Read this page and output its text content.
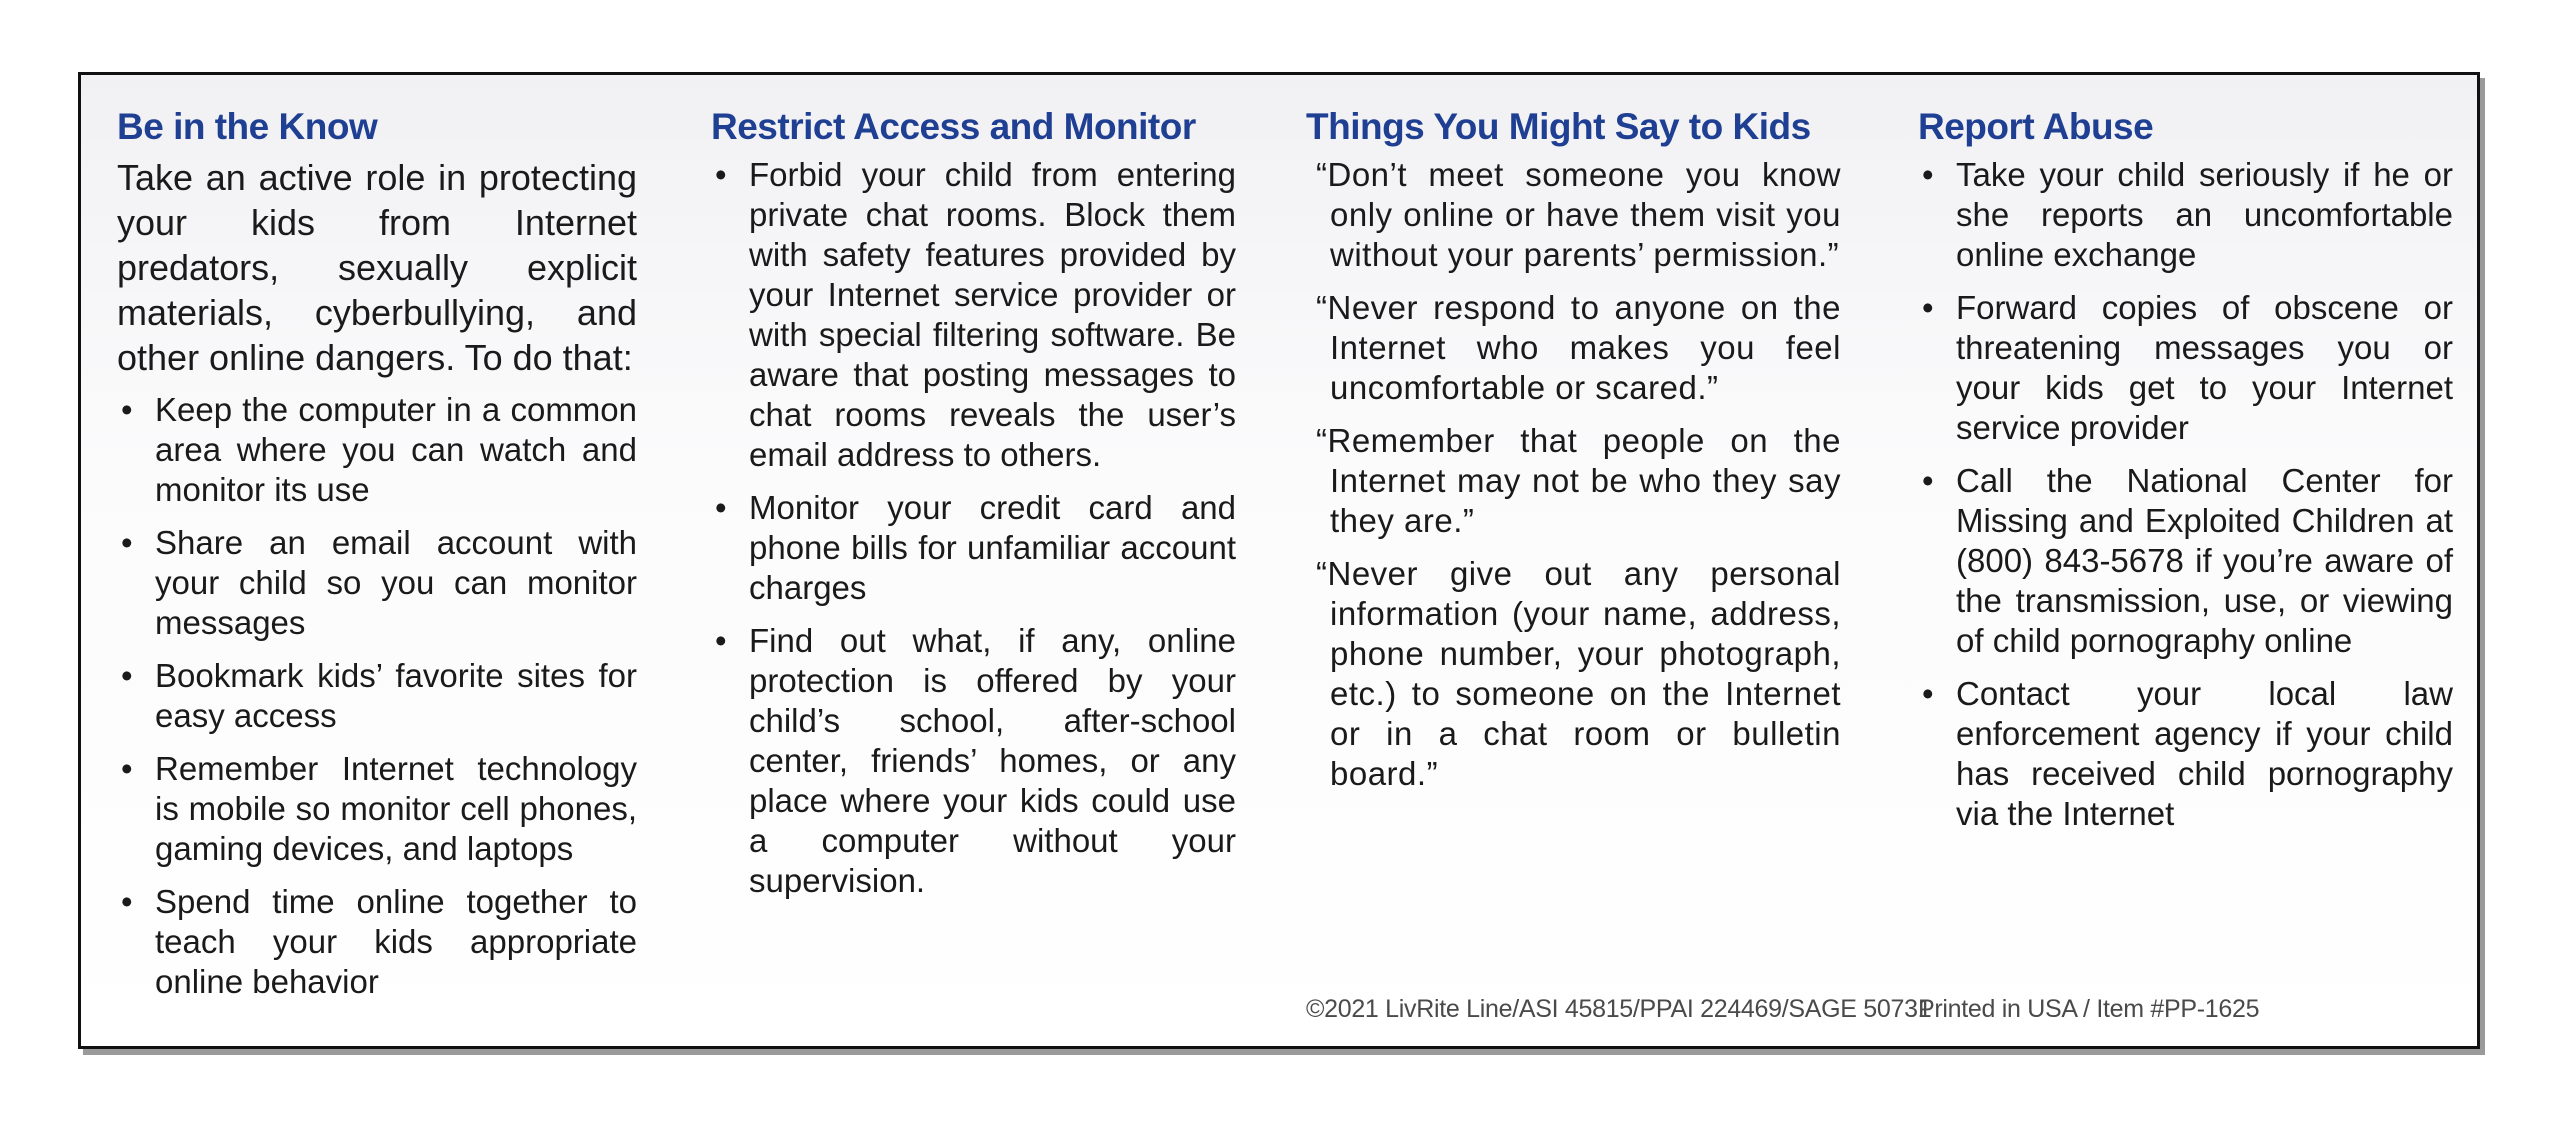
Be in the Know
Take an active role in protecting your kids from Internet predators, sexually explicit materials, cyberbullying, and other online dangers. To do that:
• Keep the computer in a common area where you can watch and monitor its use
• Share an email account with your child so you can monitor messages
• Bookmark kids’ favorite sites for easy access
• Remember Internet technology is mobile so monitor cell phones, gaming devices, and laptops
• Spend time online together to teach your kids appropriate online behavior
Restrict Access and Monitor
• Forbid your child from entering private chat rooms. Block them with safety features provided by your Internet service provider or with special filtering software. Be aware that posting messages to chat rooms reveals the user’s email address to others.
• Monitor your credit card and phone bills for unfamiliar account charges
• Find out what, if any, online protection is offered by your child’s school, after-school center, friends’ homes, or any place where your kids could use a computer without your supervision.
Things You Might Say to Kids
“Don’t meet someone you know only online or have them visit you without your parents’ permission.”
“Never respond to anyone on the Internet who makes you feel uncomfortable or scared.”
“Remember that people on the Internet may not be who they say they are.”
“Never give out any personal information (your name, address, phone number, your photograph, etc.) to someone on the Internet or in a chat room or bulletin board.”
Report Abuse
• Take your child seriously if he or she reports an uncomfortable online exchange
• Forward copies of obscene or threatening messages you or your kids get to your Internet service provider
• Call the National Center for Missing and Exploited Children at (800) 843-5678 if you’re aware of the transmission, use, or viewing of child pornography online
• Contact your local law enforcement agency if your child has received child pornography via the Internet
©2021 LivRite Line/ASI 45815/PPAI 224469/SAGE 50731
Printed in USA / Item #PP-1625
